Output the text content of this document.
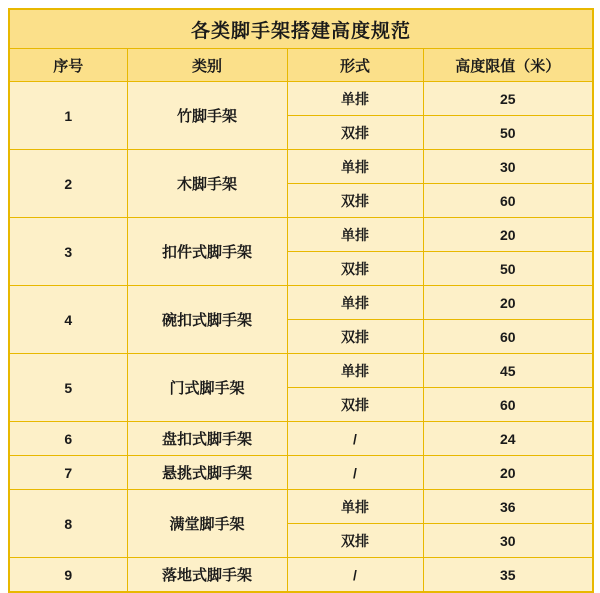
各类脚手架搭建高度规范			
序号	类别	形式	高度限值（米）
1	竹脚手架	单排	25
		双排	50
2	木脚手架	单排	30
		双排	60
3	扣件式脚手架	单排	20
		双排	50
4	碗扣式脚手架	单排	20
		双排	60
5	门式脚手架	单排	45
		双排	60
6	盘扣式脚手架	/	24
7	悬挑式脚手架	/	20
8	满堂脚手架	单排	36
		双排	30
9	落地式脚手架	/	35
